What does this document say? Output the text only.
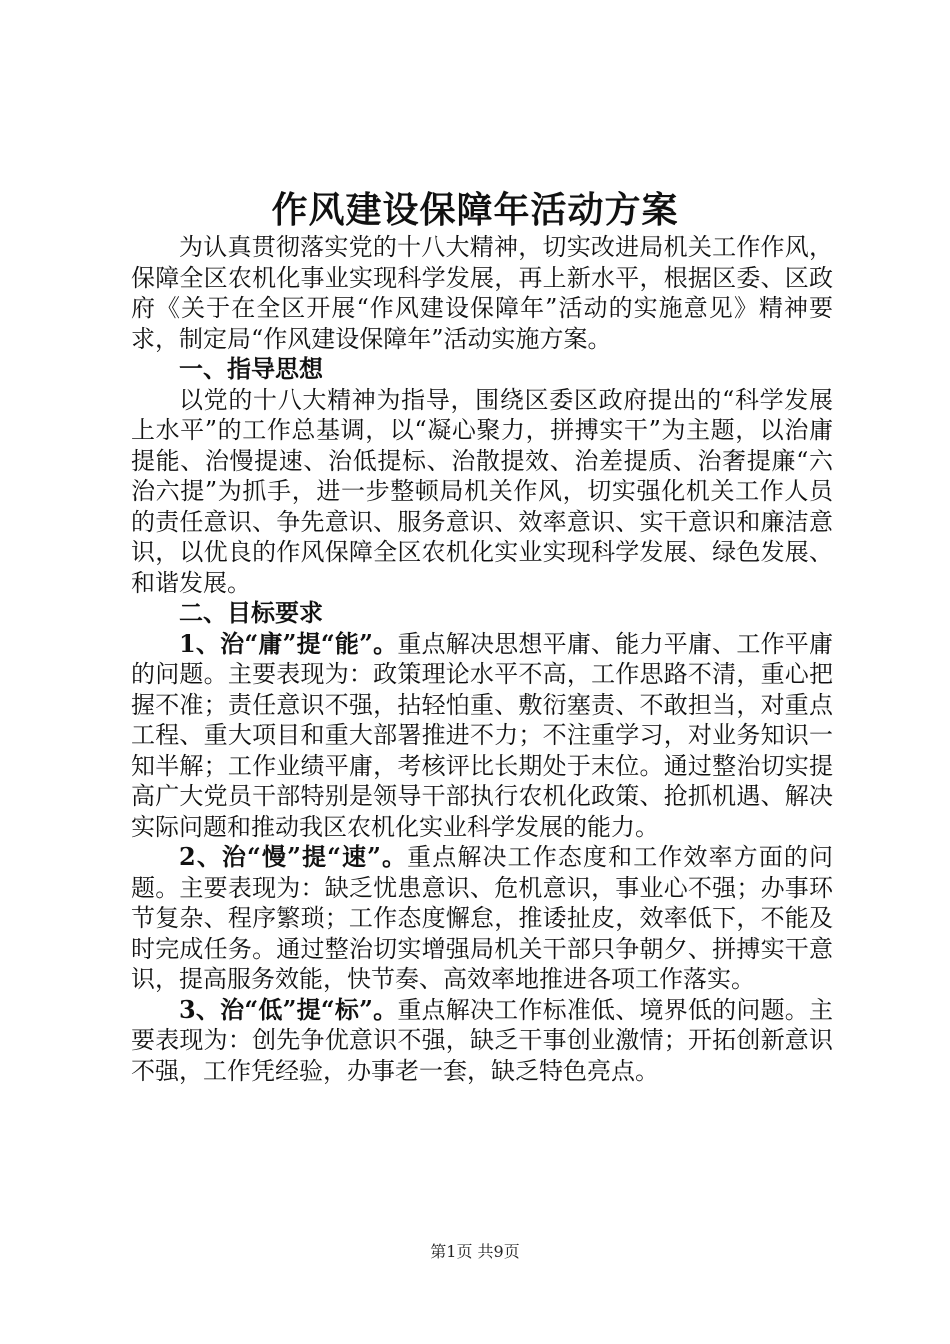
作风建设保障年活动方案

为认真贯彻落实党的十八大精神，切实改进局机关工作作风，保障全区农机化事业实现科学发展，再上新水平，根据区委、区政府《关于在全区开展“作风建设保障年”活动的实施意见》精神要求，制定局“作风建设保障年”活动实施方案。

一、指导思想

以党的十八大精神为指导，围绕区委区政府提出的“科学发展上水平”的工作总基调，以“凝心聚力，拼搏实干”为主题，以治庸提能、治慢提速、治低提标、治散提效、治差提质、治奢提廉“六治六提”为抓手，进一步整顿局机关作风，切实强化机关工作人员的责任意识、争先意识、服务意识、效率意识、实干意识和廉洁意识，以优良的作风保障全区农机化实业实现科学发展、绿色发展、和谐发展。

二、目标要求

1、治“庸”提“能”。重点解决思想平庸、能力平庸、工作平庸的问题。主要表现为：政策理论水平不高，工作思路不清，重心把握不准；责任意识不强，拈轻怕重、敷衍塞责、不敢担当，对重点工程、重大项目和重大部署推进不力；不注重学习，对业务知识一知半解；工作业绩平庸，考核评比长期处于末位。通过整治切实提高广大党员干部特别是领导干部执行农机化政策、抢抓机遇、解决实际问题和推动我区农机化实业科学发展的能力。

2、治“慢”提“速”。重点解决工作态度和工作效率方面的问题。主要表现为：缺乏忧患意识、危机意识，事业心不强；办事环节复杂、程序繁琐；工作态度懈怠，推诿扯皮，效率低下，不能及时完成任务。通过整治切实增强局机关干部只争朝夕、拼搏实干意识，提高服务效能，快节奏、高效率地推进各项工作落实。

3、治“低”提“标”。重点解决工作标准低、境界低的问题。主要表现为：创先争优意识不强，缺乏干事创业激情；开拓创新意识不强，工作凭经验，办事老一套，缺乏特色亮点。

第1页 共9页
